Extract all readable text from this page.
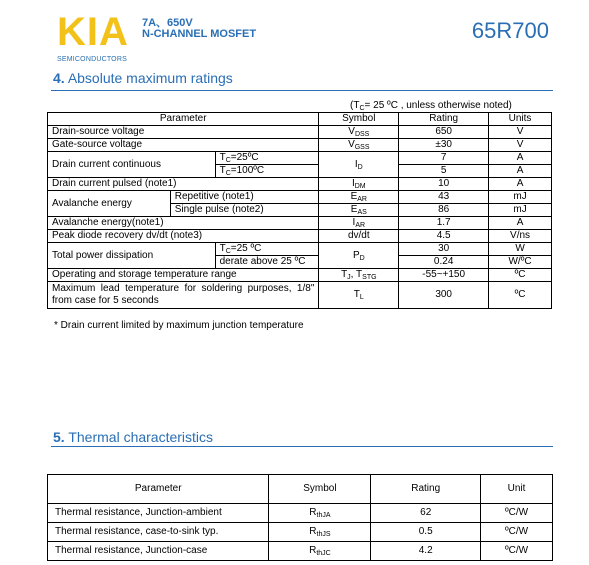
KIA
SEMICONDUCTORS
7A、650V
N-CHANNEL MOSFET	65R700
4. Absolute maximum ratings
($T_C= 25$ ºC , unless otherwise noted)
Parameter			Symbol	Rating	Units
Drain-source voltage			$V_{DSS}$	650	V
Gate-source voltage			$V_{GSS}$	±30	V
Drain current continuous		$T_C=25ºC$	$I_D$	7	A
		$T_C=100ºC$		5	A
Drain current pulsed (note1)			$I_{DM}$	10	A
Avalanche energy	Repetitive (note1)		$E_{AR}$	43	mJ
	Single pulse (note2)		$E_{AS}$	86	mJ
Avalanche energy(note1)			$I_{AR}$	1.7	A
Peak diode recovery dv/dt (note3)			dv/dt	4.5	V/ns
Total power dissipation		$T_C=25$ ºC	$P_D$	30	W
		derate above 25 ºC		0.24	W/ºC
Operating and storage temperature range			$T_J$, $T_{STG}$	-55~+150	ºC
Maximum lead temperature for soldering purposes, 1/8" from case for 5 seconds			$T_L$	300	ºC
* Drain current limited by maximum junction temperature
5. Thermal characteristics
Parameter	Symbol	Rating	Unit
Thermal resistance, Junction-ambient	$R_{thJA}$	62	ºC/W
Thermal resistance, case-to-sink typ.	$R_{thJS}$	0.5	ºC/W
Thermal resistance, Junction-case	$R_{thJC}$	4.2	ºC/W
